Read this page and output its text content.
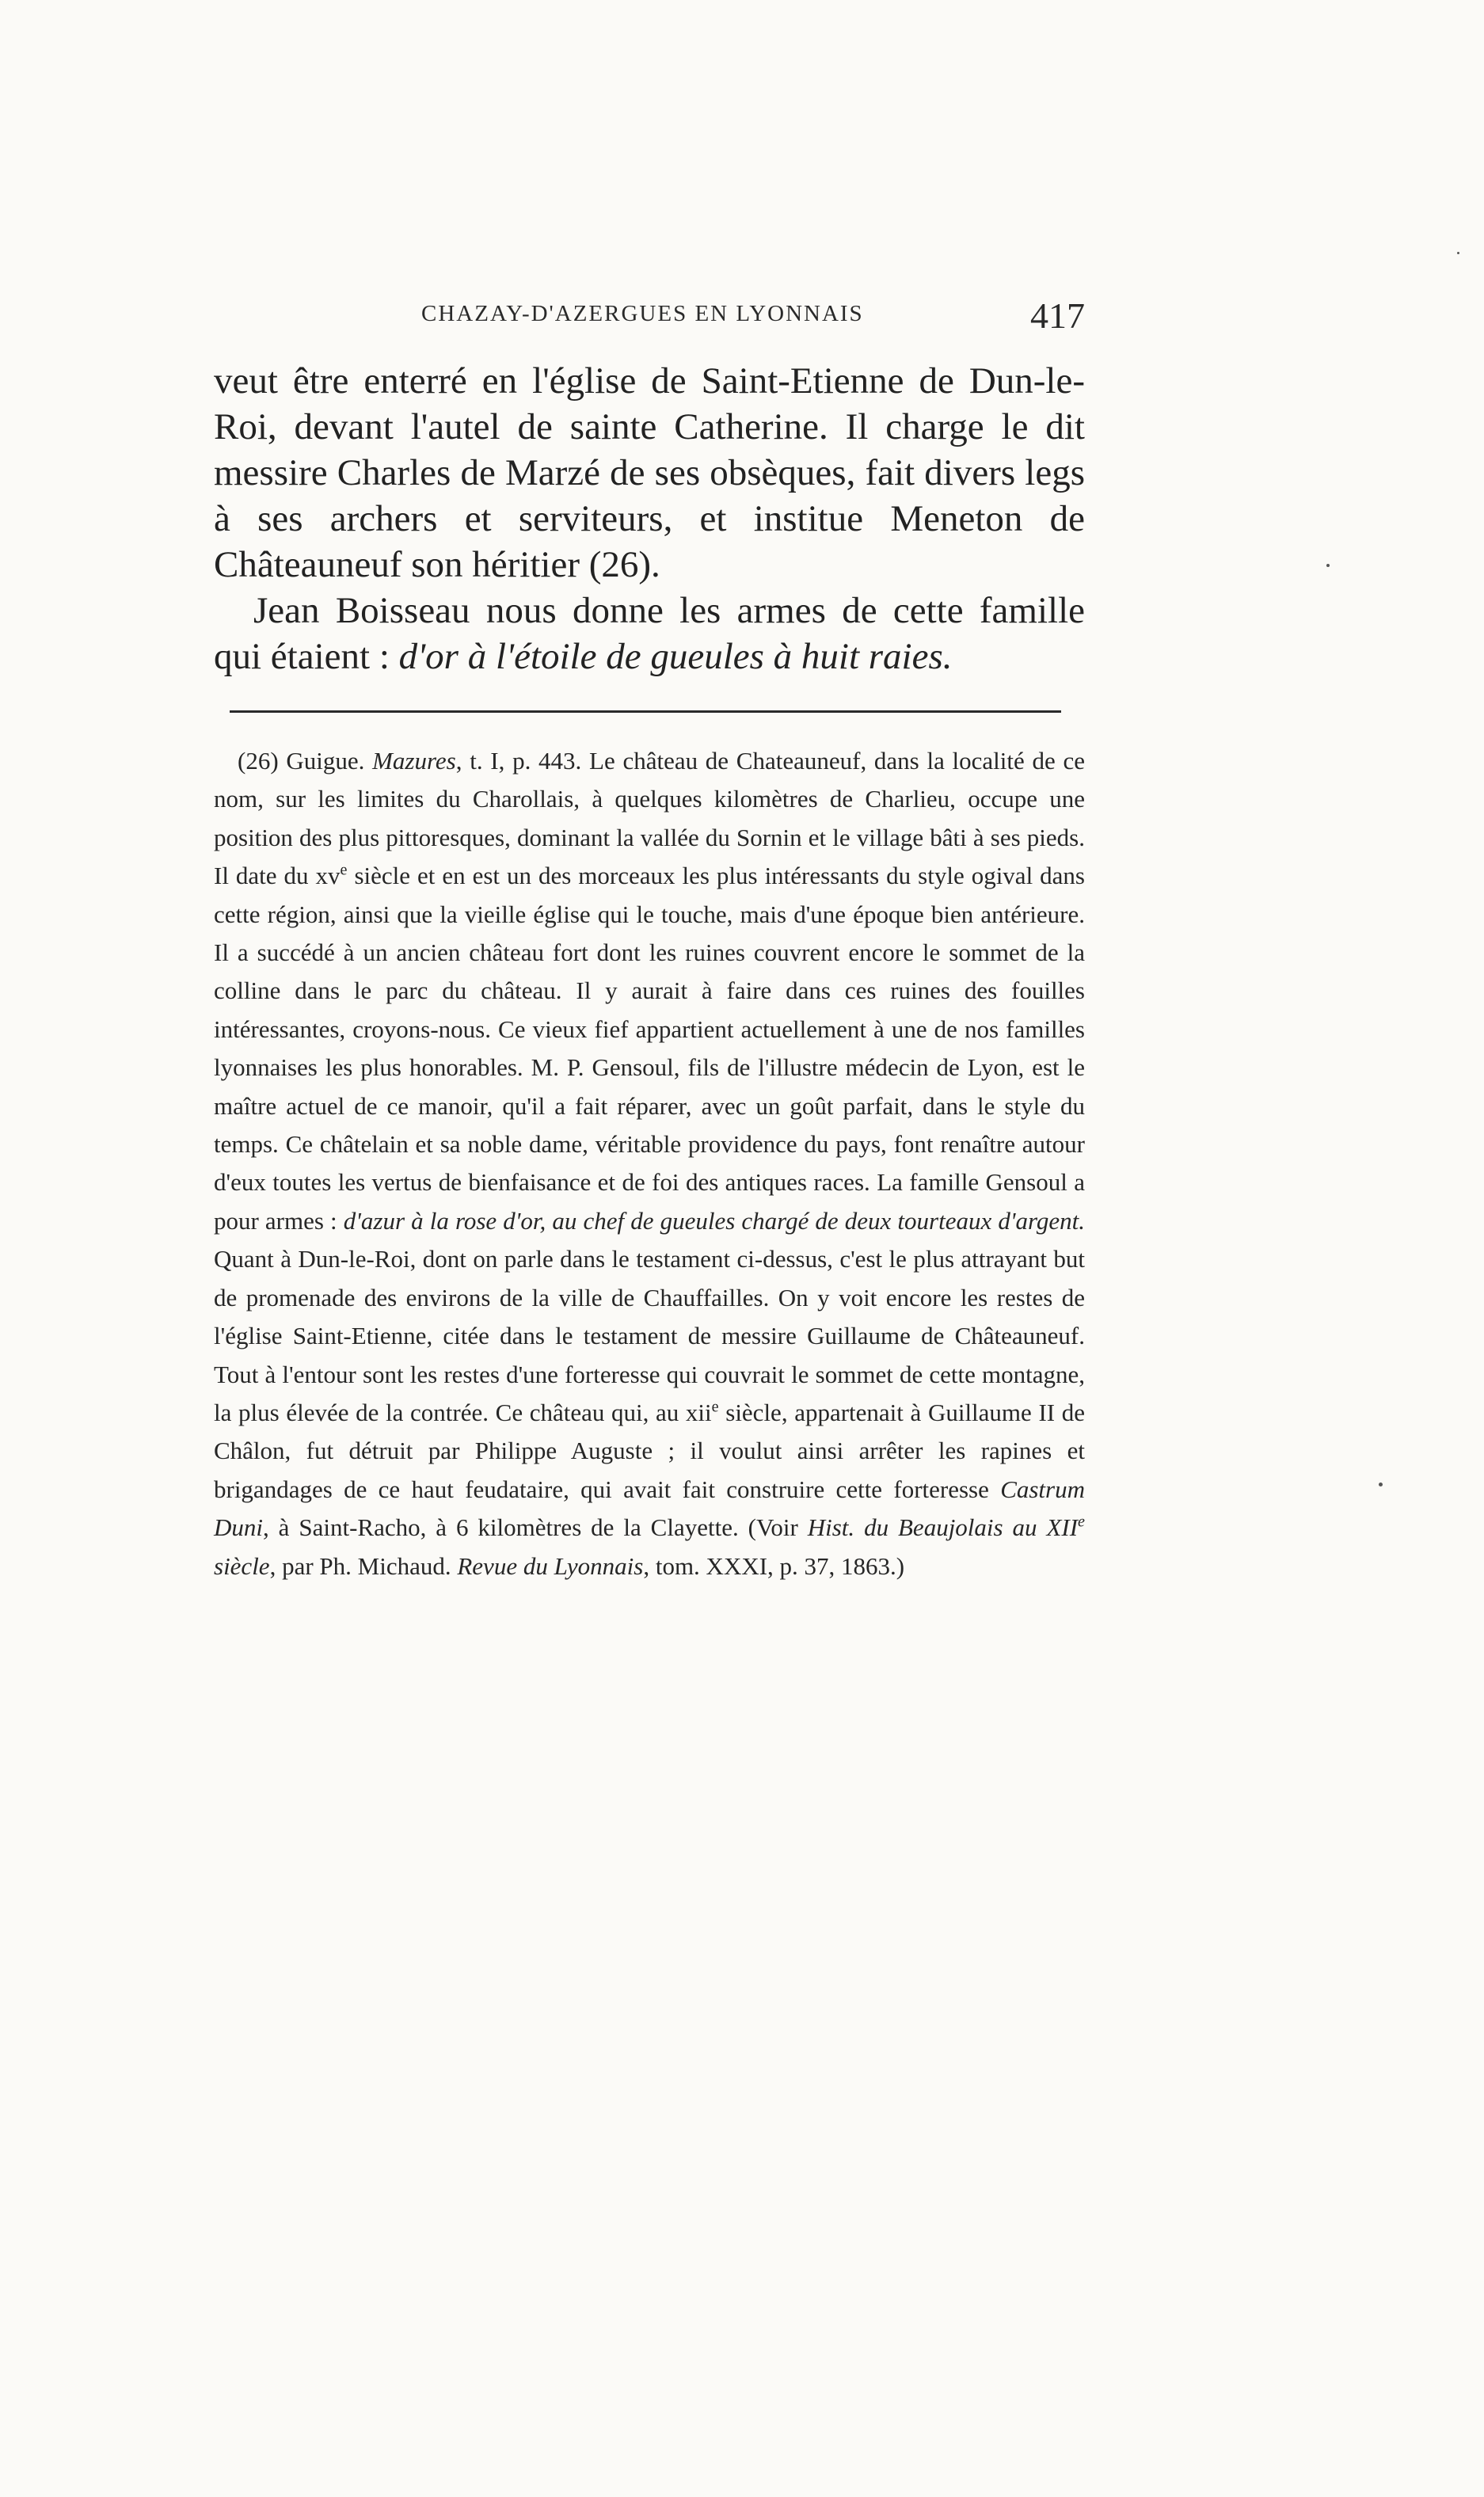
CHAZAY-D'AZERGUES EN LYONNAIS	417

veut être enterré en l'église de Saint-Etienne de Dun-le-Roi, devant l'autel de sainte Catherine. Il charge le dit messire Charles de Marzé de ses obsèques, fait divers legs à ses archers et serviteurs, et institue Meneton de Châteauneuf son héritier (26).

Jean Boisseau nous donne les armes de cette famille qui étaient : d'or à l'étoile de gueules à huit raies.

(26) Guigue. Mazures, t. I, p. 443. Le château de Chateauneuf, dans la localité de ce nom, sur les limites du Charollais, à quelques kilomètres de Charlieu, occupe une position des plus pittoresques, dominant la vallée du Sornin et le village bâti à ses pieds. Il date du $xv^e$ siècle et en est un des morceaux les plus intéressants du style ogival dans cette région, ainsi que la vieille église qui le touche, mais d'une époque bien antérieure. Il a succédé à un ancien château fort dont les ruines couvrent encore le sommet de la colline dans le parc du château. Il y aurait à faire dans ces ruines des fouilles intéressantes, croyons-nous. Ce vieux fief appartient actuellement à une de nos familles lyonnaises les plus honorables. M. P. Gensoul, fils de l'illustre médecin de Lyon, est le maître actuel de ce manoir, qu'il a fait réparer, avec un goût parfait, dans le style du temps. Ce châtelain et sa noble dame, véritable providence du pays, font renaître autour d'eux toutes les vertus de bienfaisance et de foi des antiques races. La famille Gensoul a pour armes : d'azur à la rose d'or, au chef de gueules chargé de deux tourteaux d'argent. Quant à Dun-le-Roi, dont on parle dans le testament ci-dessus, c'est le plus attrayant but de promenade des environs de la ville de Chauffailles. On y voit encore les restes de l'église Saint-Etienne, citée dans le testament de messire Guillaume de Châteauneuf. Tout à l'entour sont les restes d'une forteresse qui couvrait le sommet de cette montagne, la plus élevée de la contrée. Ce château qui, au xii$^e$ siècle, appartenait à Guillaume II de Châlon, fut détruit par Philippe Auguste ; il voulut ainsi arrêter les rapines et brigandages de ce haut feudataire, qui avait fait construire cette forteresse Castrum Duni, à Saint-Racho, à 6 kilomètres de la Clayette. (Voir Hist. du Beaujolais au XIIe siècle, par Ph. Michaud. Revue du Lyonnais, tom. XXXI, p. 37, 1863.)
